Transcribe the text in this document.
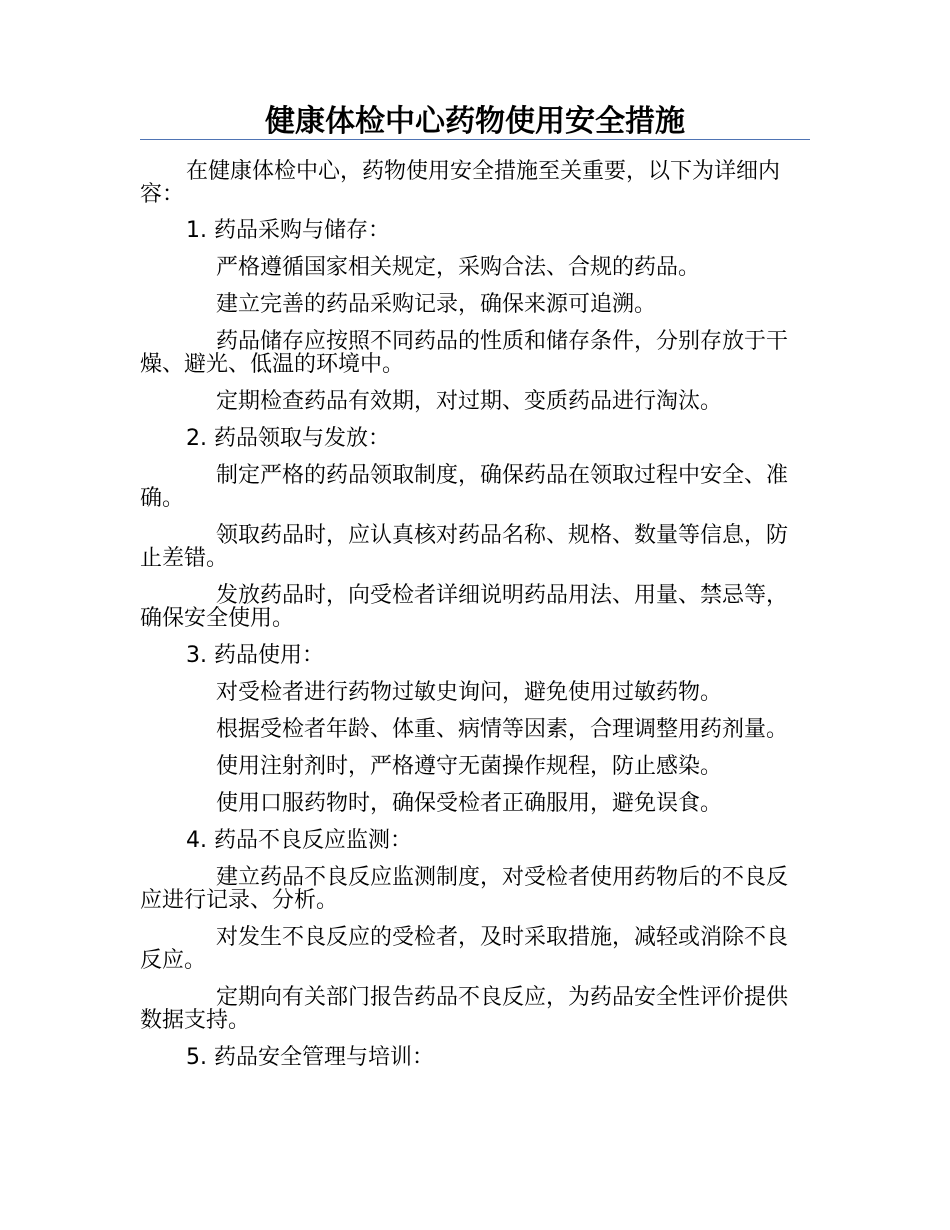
健康体检中心药物使用安全措施
在健康体检中心，药物使用安全措施至关重要，以下为详细内容：
1. 药品采购与储存：
严格遵循国家相关规定，采购合法、合规的药品。
建立完善的药品采购记录，确保来源可追溯。
药品储存应按照不同药品的性质和储存条件，分别存放于干燥、避光、低温的环境中。
定期检查药品有效期，对过期、变质药品进行淘汰。
2. 药品领取与发放：
制定严格的药品领取制度，确保药品在领取过程中安全、准确。
领取药品时，应认真核对药品名称、规格、数量等信息，防止差错。
发放药品时，向受检者详细说明药品用法、用量、禁忌等，确保安全使用。
3. 药品使用：
对受检者进行药物过敏史询问，避免使用过敏药物。
根据受检者年龄、体重、病情等因素，合理调整用药剂量。
使用注射剂时，严格遵守无菌操作规程，防止感染。
使用口服药物时，确保受检者正确服用，避免误食。
4. 药品不良反应监测：
建立药品不良反应监测制度，对受检者使用药物后的不良反应进行记录、分析。
对发生不良反应的受检者，及时采取措施，减轻或消除不良反应。
定期向有关部门报告药品不良反应，为药品安全性评价提供数据支持。
5. 药品安全管理与培训：
